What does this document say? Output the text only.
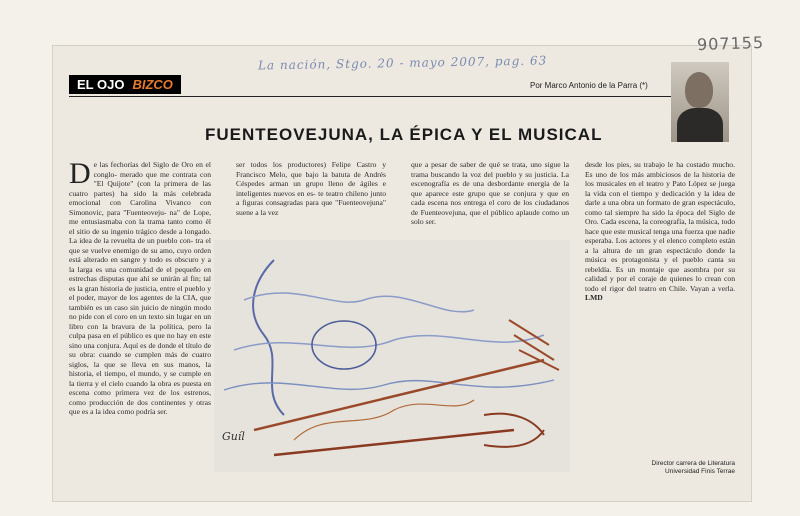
907155
La nación, Stgo. 20 - mayo 2007, pag. 63
EL OJO BIZCO	Por Marco Antonio de la Parra (*)
FUENTEOVEJUNA, LA ÉPICA Y EL MUSICAL
De las fechorías del Siglo de Oro en el conglo- merado que me contrata con "El Quijote" (con la primera de las cuatro partes) ha sido la más celebrada emocional con Carolina Vivanco con Simonovic, para "Fuenteoveju- na" de Lope, me entusiasmaba con la trama tanto como él el sitio de su ingenio trágico desde a longado. La idea de la revuelta de un pueblo con- tra el que se vuelve enemigo de su amo, cuyo orden está alterado en sangre y todo es obscuro y a la larga es una comunidad de el pequeño en estrechas disputas que ahí se unirán al fin; tal es la gran historia de justicia, entre el pueblo y el poder, mayor de los agentes de la CIA, que también es un caso sin juicio de ningún modo no pide con el coro en un texto sin lugar en un libro con la bravura de la política, pero la culpa pasa en el público es que no hay en este sino una conjura. Aquí es de donde el título de su obra: cuando se cumplen más de cuatro siglos, la que se lleva en sus manos, la historia, el tiempo, el mundo, y se cumple en la tierra y el cielo cuando la obra es puesta en escena como primera vez de los estrenos, como producción de dos continentes y otras que es a la idea como podría ser.
ser todos los productores) Felipe Castro y Francisco Melo, que bajo la batuta de Andrés Céspedes arman un grupo lleno de ágiles e inteligentes nuevos en es- te teatro chileno junto a figuras consagradas para que "Fuenteovejuna" suene a la vez
que a pesar de saber de qué se trata, uno sigue la trama buscando la voz del pueblo y su justicia. La escenografía es de una desbordante energía de la que aparece este grupo que se conjura y que en cada escena nos entrega el coro de los ciudadanos de Fuenteovejuna, que el público aplaude como un solo ser.
desde los pies, su trabajo le ha costado mucho. Es uno de los más ambiciosos de la historia de los musicales en el teatro y Pato López se juega la vida con el tiempo y dedicación y la idea de darle a una obra un formato de gran espectáculo, como tal siempre ha sido la época del Siglo de Oro. Cada escena, la coreografía, la música, todo hace que este musical tenga una fuerza que nadie esperaba. Los actores y el elenco completo están a la altura de un gran espectáculo donde la música es protagonista y el pueblo canta su rebeldía. Es un montaje que asombra por su calidad y por el coraje de quienes lo crean con todo el rigor del teatro en Chile. Vayan a verla. LMD
Guíl
Director carrera de Literatura
Universidad Finis Terrae
